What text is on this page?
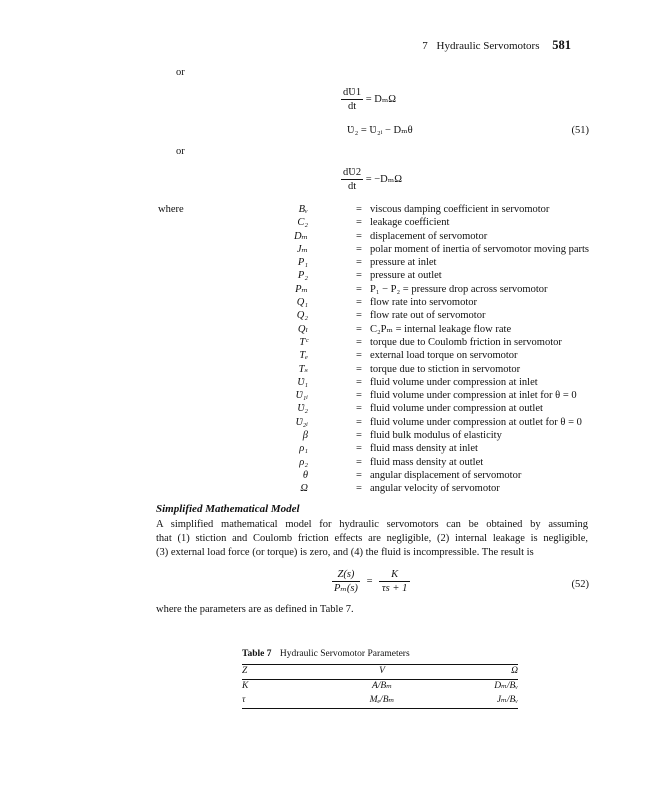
7 Hydraulic Servomotors 581
or
$\frac{dƲ1}{dt} = D_m\Omega$
Ʋ₂ = Ʋ₂ᵢ − Dₘθ	(51)
or
$\frac{dƲ2}{dt} = -D_m\Omega$
where	Bᵥ	= viscous damping coefficient in servomotor
C₂	= leakage coefficient
Dₘ	= displacement of servomotor
Jₘ	= polar moment of inertia of servomotor moving parts
P₁	= pressure at inlet
P₂	= pressure at outlet
Pₘ	= P₁ − P₂ = pressure drop across servomotor
Q₁	= flow rate into servomotor
Q₂	= flow rate out of servomotor
Qₗ	= C₂Pₘ = internal leakage flow rate
Tᶜ	= torque due to Coulomb friction in servomotor
Tₑ	= external load torque on servomotor
Tₛ	= torque due to stiction in servomotor
Ʋ₁	= fluid volume under compression at inlet
Ʋ₁ᵢ	= fluid volume under compression at inlet for θ = 0
Ʋ₂	= fluid volume under compression at outlet
Ʋ₂ᵢ	= fluid volume under compression at outlet for θ = 0
β	= fluid bulk modulus of elasticity
ρ₁	= fluid mass density at inlet
ρ₂	= fluid mass density at outlet
θ	= angular displacement of servomotor
Ω	= angular velocity of servomotor
Simplified Mathematical Model
A simplified mathematical model for hydraulic servomotors can be obtained by assuming
that (1) stiction and Coulomb friction effects are negligible, (2) internal leakage is negligible,
(3) external load force (or torque) is zero, and (4) the fluid is incompressible. The result is
$\frac{Z(s)}{\text{Pₘ(s)}} = \frac{K}{\tau s + 1}$	(52)
where the parameters are as defined in Table 7.
Table 7 Hydraulic Servomotor Parameters
Z	V	Ω
K	A/Bₘ	Dₘ/Bᵥ
τ	Mₑ/Bₘ	Jₘ/Bᵥ
